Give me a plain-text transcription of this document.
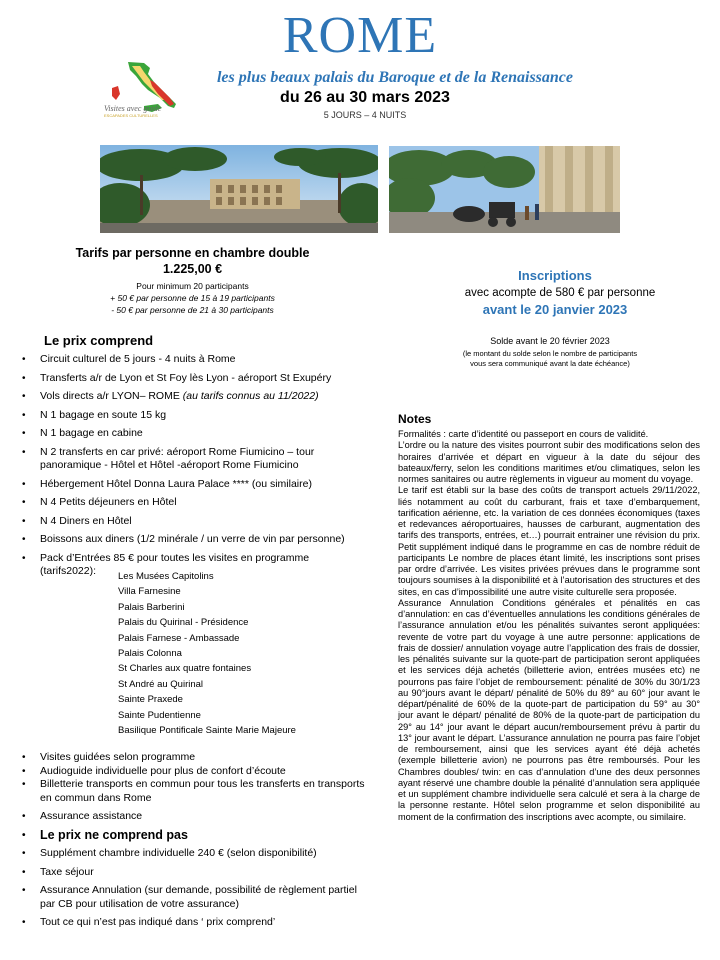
ROME
les plus beaux palais du Baroque et de la Renaissance
du 26 au 30 mars 2023
5 JOURS – 4 NUITS
Visites avec guide
ESCAPADES CULTURELLES
Tarifs par personne en chambre double
1.225,00 €
Pour minimum 20 participants
+ 50 € par personne de 15 à 19 participants
- 50 € par personne de 21 à 30 participants
Inscriptions
avec acompte de 580 € par personne
avant le 20 janvier 2023
Solde avant le 20 février 2023
(le montant du solde selon le nombre de participants
vous sera communiqué avant la date échéance)
Le prix comprend
• Circuit culturel de 5 jours - 4 nuits à Rome
• Transferts a/r de Lyon et St Foy lès Lyon - aéroport St Exupéry
• Vols directs a/r LYON– ROME (au tarifs connus au 11/2022)
• N 1 bagage en soute 15 kg
• N 1 bagage en cabine
• N 2 transferts en car privé: aéroport Rome Fiumicino – tour panoramique - Hôtel et Hôtel -aéroport Rome Fiumicino
• Hébergement Hôtel Donna Laura Palace **** (ou similaire)
• N 4 Petits déjeuners en Hôtel
• N 4 Diners en Hôtel
• Boissons aux diners (1/2 minérale / un verre de vin par personne)
• Pack d’Entrées 85 € pour toutes les visites en programme (tarifs2022):	Les Musées Capitolins
Villa Farnesine
Palais Barberini
Palais du Quirinal - Présidence
Palais Farnese - Ambassade
Palais Colonna
St Charles aux quatre fontaines
St André au Quirinal
Sainte Praxede
Sainte Pudentienne
Basilique Pontificale Sainte Marie Majeure
• Visites guidées selon programme
• Audioguide individuelle pour plus de confort d’écoute
• Billetterie transports en commun pour tous les transferts en transports en commun dans Rome
• Assurance assistance
• Le prix ne comprend pas
• Supplément chambre individuelle 240 € (selon disponibilité)
• Taxe séjour
• Assurance Annulation (sur demande, possibilité de règlement partiel par CB pour utilisation de votre assurance)
• Tout ce qui n’est pas indiqué dans ‘ prix comprend’
Notes

Formalités : carte d’identité ou passeport en cours de validité.

L’ordre ou la nature des visites pourront subir des modifications selon des horaires d’arrivée et départ en vigueur à la date du séjour des bateaux/ferry, selon les conditions maritimes et/ou climatiques, selon les normes sanitaires ou autre règlements in vigueur au moment du voyage.

Le tarif est établi sur la base des coûts de transport actuels 29/11/2022, liés notamment au coût du carburant, frais et taxe d’embarquement, tarification aérienne, etc. la variation de ces données économiques (taxes et redevances aéroportuaires, hausses de carburant, augmentation des tarifs des transports, entrées, et…) pourrait entrainer une révision du prix. Petit supplément indiqué dans le programme en cas de nombre réduit de participants Le nombre de places étant limité, les inscriptions sont prises par ordre d’arrivée. Les visites privées prévues dans le programme sont toujours soumises à la disponibilité et à l’autorisation des structures et des sites, en cas d’impossibilité une autre visite culturelle sera proposée.

Assurance Annulation Conditions générales et pénalités en cas d’annulation: en cas d’éventuelles annulations les conditions générales de l’assurance annulation et/ou les pénalités suivantes seront appliquées: revente de votre part du voyage à une autre personne: applications de frais de dossier/ annulation voyage autre l’application des frais de dossier, les pénalités suivante sur la quote-part de participation seront appliquées et les services déjà achetés (billetterie avion, entrées musées etc) ne pourrons pas faire l’objet de remboursement: pénalité de 30% du 30/1/23 au 90°jours avant le départ/ pénalité de 50% du 89° au 60° jour avant le départ/pénalité de 60% de la quote-part de participation du 59° au 30° jour avant le départ/ pénalité de 80% de la quote-part de participation du 29° au 14° jour avant le départ aucun/remboursement prévu à partir du 13° jour avant le départ. L’assurance annulation ne pourra pas faire l’objet de remboursement, ainsi que les services ayant été déjà achetés (exemple billetterie avion) ne pourrons pas être remboursés. Pour les Chambres doubles/ twin: en cas d’annulation d’une des deux personnes ayant réservé une chambre double la pénalité d’annulation sera appliquée et un supplément chambre individuelle sera calculé et sera à la charge de la personne restante. Hôtel selon programme et selon disponibilité au moment de la confirmation des inscriptions avec acompte, ou similaire.
